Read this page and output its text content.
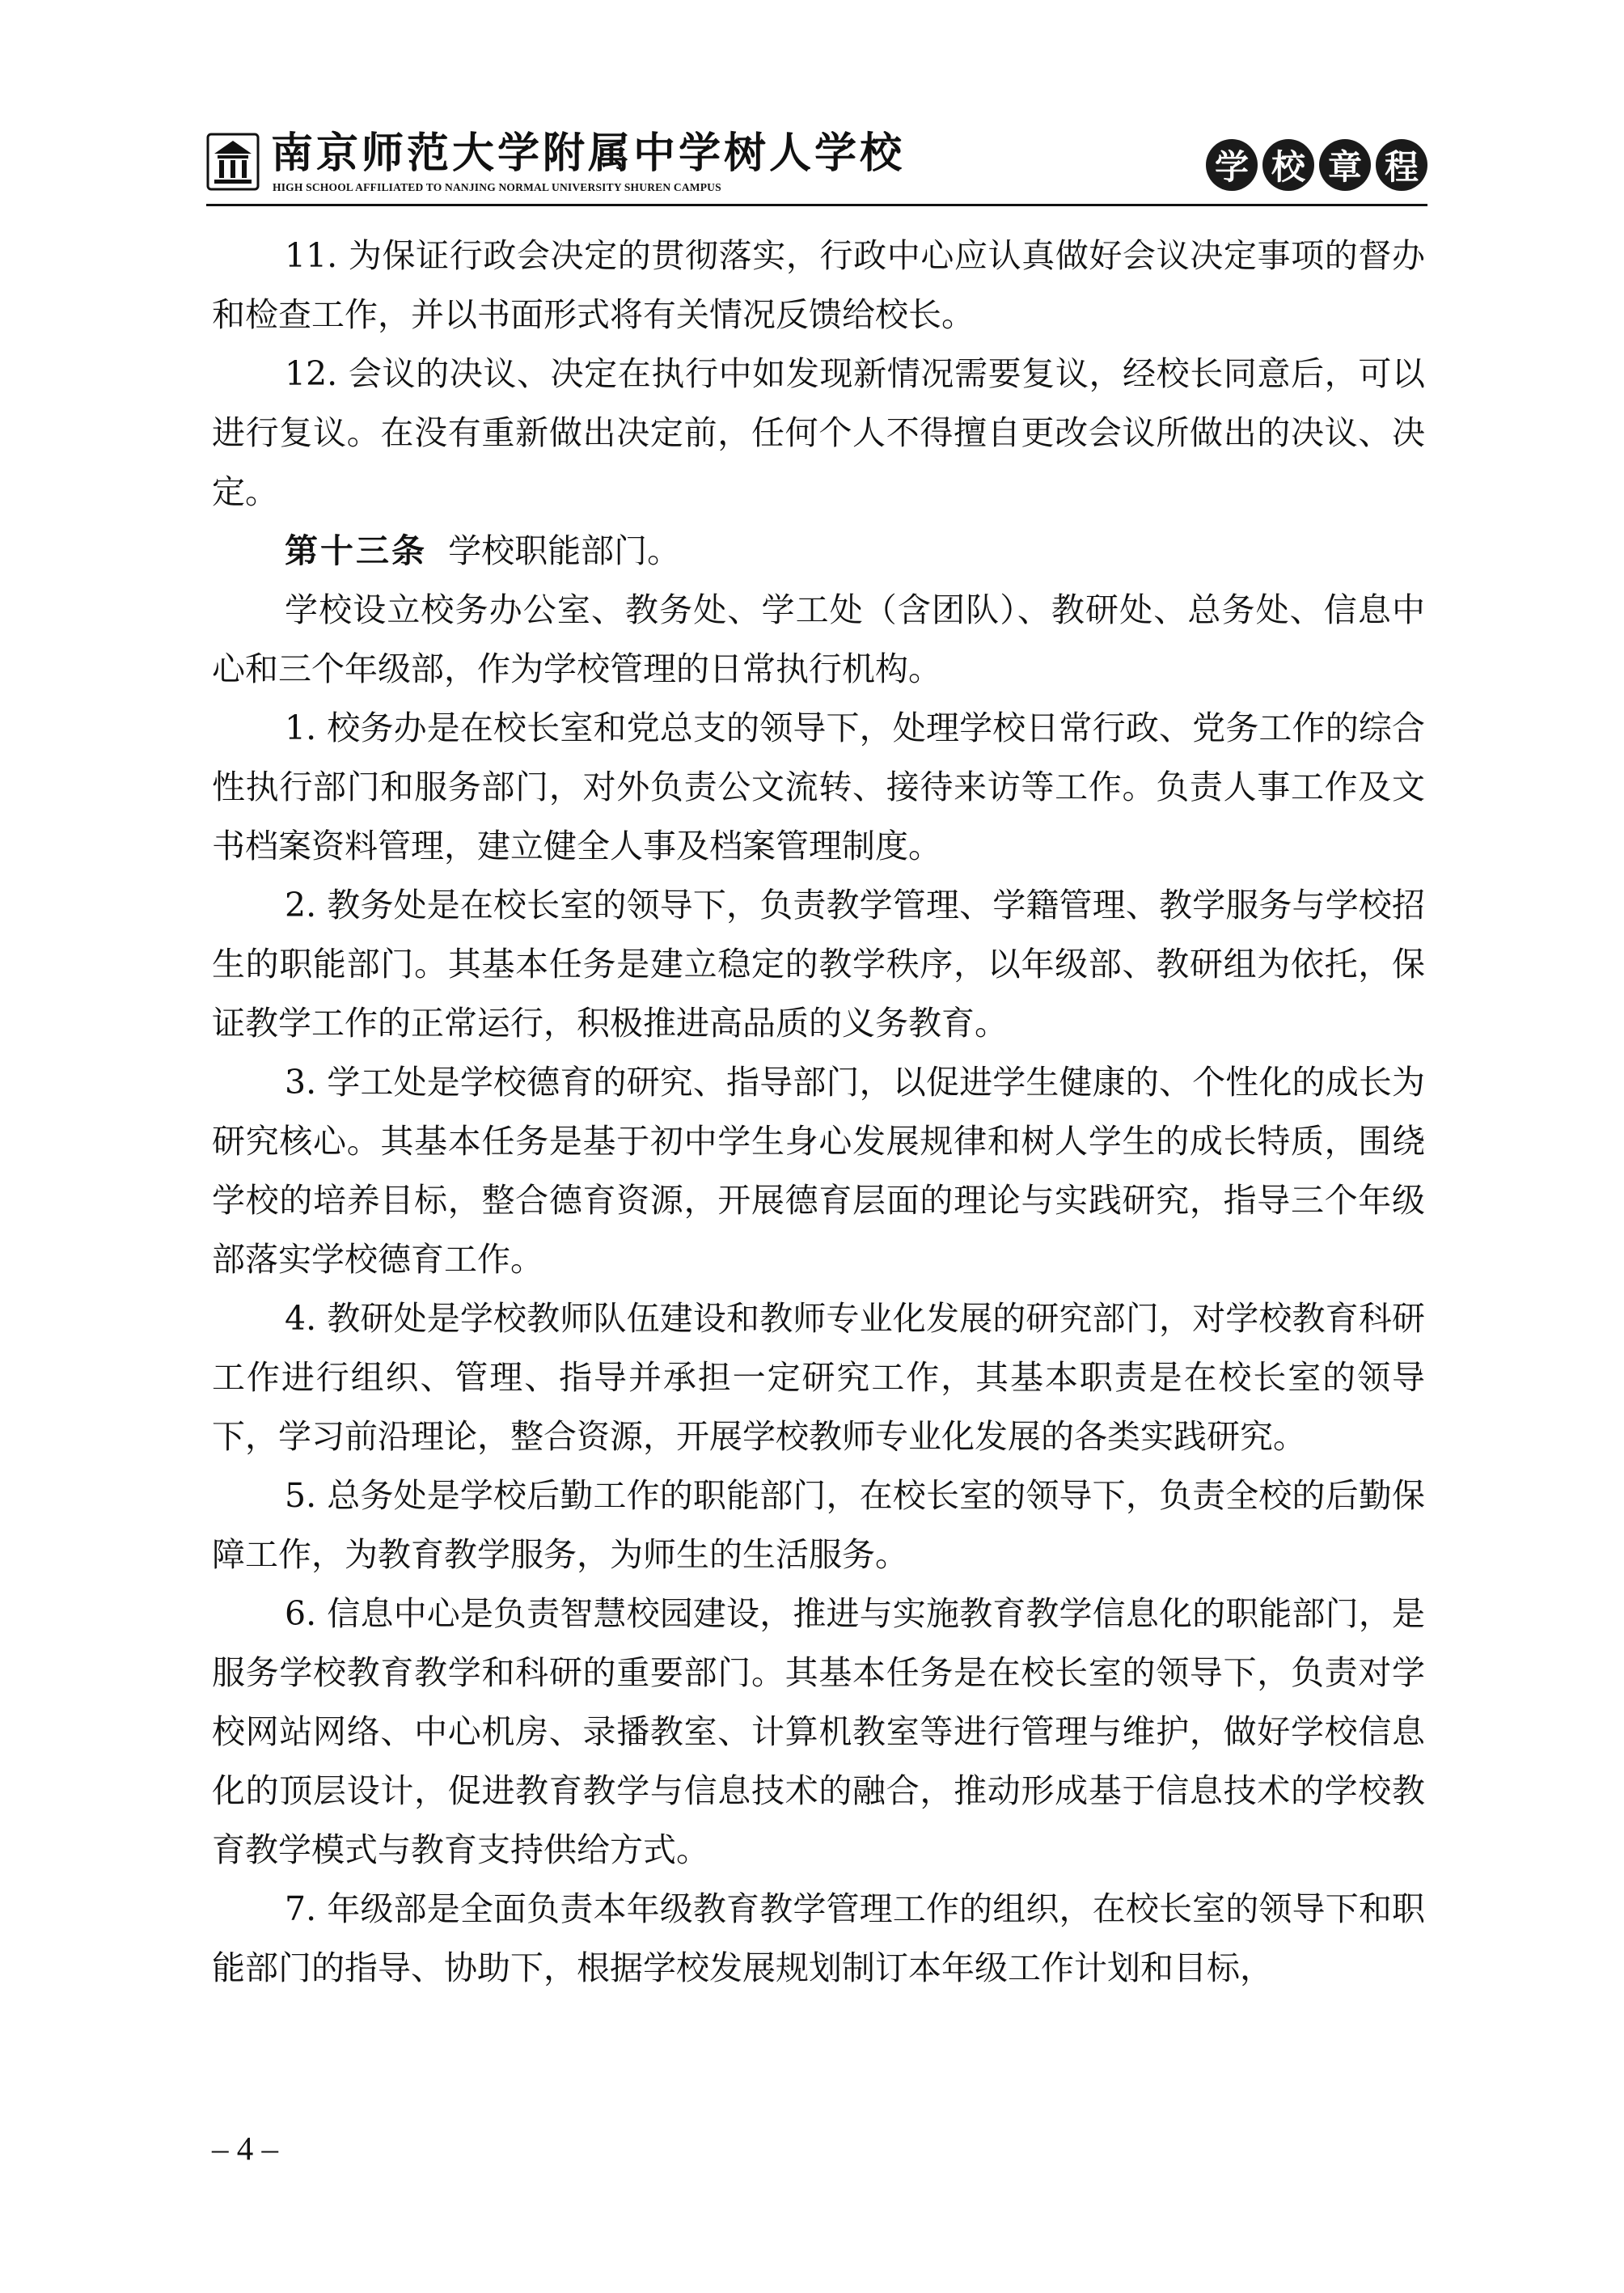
南京师范大学附属中学树人学校
HIGH SCHOOL AFFILIATED TO NANJING NORMAL UNIVERSITY SHUREN CAMPUS
学 校 章 程

11. 为保证行政会决定的贯彻落实，行政中心应认真做好会议决定事项的督办和检查工作，并以书面形式将有关情况反馈给校长。

12. 会议的决议、决定在执行中如发现新情况需要复议，经校长同意后，可以进行复议。在没有重新做出决定前，任何个人不得擅自更改会议所做出的决议、决定。

第十三条 学校职能部门。

学校设立校务办公室、教务处、学工处（含团队）、教研处、总务处、信息中心和三个年级部，作为学校管理的日常执行机构。

1. 校务办是在校长室和党总支的领导下，处理学校日常行政、党务工作的综合性执行部门和服务部门，对外负责公文流转、接待来访等工作。负责人事工作及文书档案资料管理，建立健全人事及档案管理制度。

2. 教务处是在校长室的领导下，负责教学管理、学籍管理、教学服务与学校招生的职能部门。其基本任务是建立稳定的教学秩序，以年级部、教研组为依托，保证教学工作的正常运行，积极推进高品质的义务教育。

3. 学工处是学校德育的研究、指导部门，以促进学生健康的、个性化的成长为研究核心。其基本任务是基于初中学生身心发展规律和树人学生的成长特质，围绕学校的培养目标，整合德育资源，开展德育层面的理论与实践研究，指导三个年级部落实学校德育工作。

4. 教研处是学校教师队伍建设和教师专业化发展的研究部门，对学校教育科研工作进行组织、管理、指导并承担一定研究工作，其基本职责是在校长室的领导下，学习前沿理论，整合资源，开展学校教师专业化发展的各类实践研究。

5. 总务处是学校后勤工作的职能部门，在校长室的领导下，负责全校的后勤保障工作，为教育教学服务，为师生的生活服务。

6. 信息中心是负责智慧校园建设，推进与实施教育教学信息化的职能部门，是服务学校教育教学和科研的重要部门。其基本任务是在校长室的领导下，负责对学校网站网络、中心机房、录播教室、计算机教室等进行管理与维护，做好学校信息化的顶层设计，促进教育教学与信息技术的融合，推动形成基于信息技术的学校教育教学模式与教育支持供给方式。

7. 年级部是全面负责本年级教育教学管理工作的组织，在校长室的领导下和职能部门的指导、协助下，根据学校发展规划制订本年级工作计划和目标，

– 4 –
